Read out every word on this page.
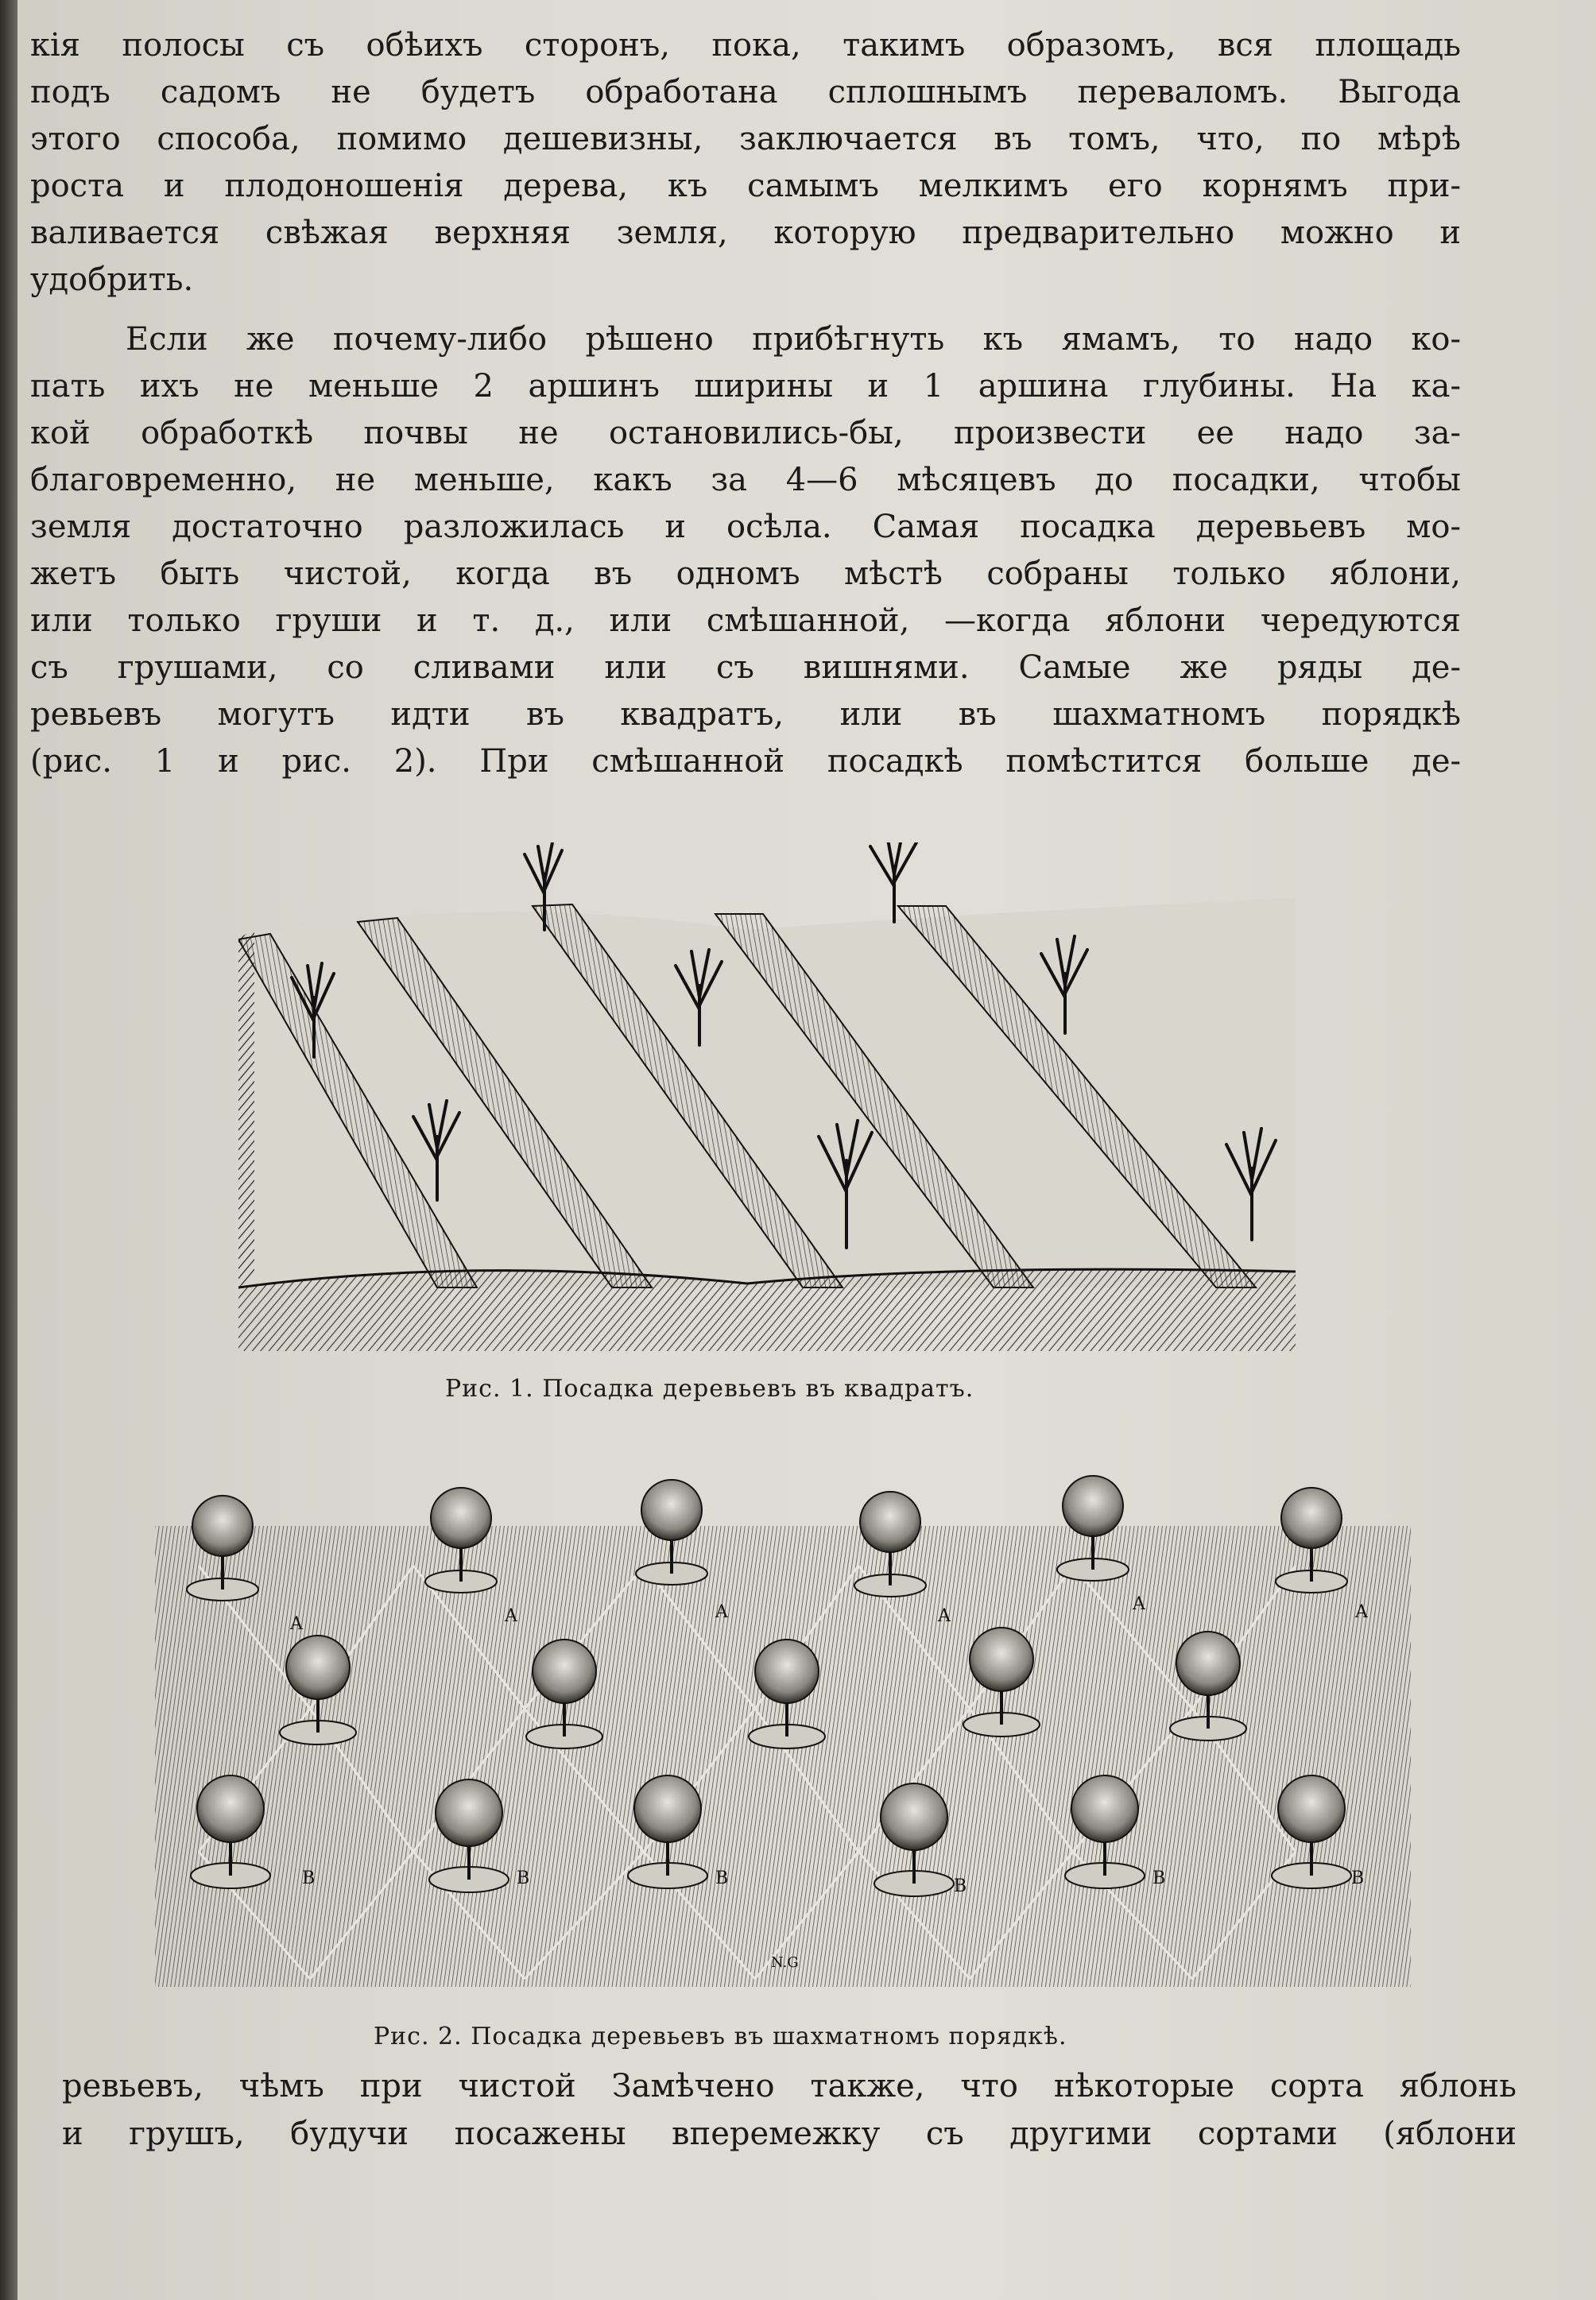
кія полосы съ обѣихъ сторонъ, пока, такимъ образомъ, вся площадь
подъ садомъ не будетъ обработана сплошнымъ переваломъ. Выгода
этого способа, помимо дешевизны, заключается въ томъ, что, по мѣрѣ
роста и плодоношенія дерева, къ самымъ мелкимъ его корнямъ при-
валивается свѣжая верхняя земля, которую предварительно можно и
удобрить.
Если же почему-либо рѣшено прибѣгнуть къ ямамъ, то надо ко-
пать ихъ не меньше 2 аршинъ ширины и 1 аршина глубины. На ка-
кой обработкѣ почвы не остановились-бы, произвести ее надо за-
благовременно, не меньше, какъ за 4—6 мѣсяцевъ до посадки, чтобы
земля достаточно разложилась и осѣла. Самая посадка деревьевъ мо-
жетъ быть чистой, когда въ одномъ мѣстѣ собраны только яблони,
или только груши и т. д., или смѣшанной, —когда яблони чередуются
съ грушами, со сливами или съ вишнями. Самые же ряды де-
ревьевъ могутъ идти въ квадратъ, или въ шахматномъ порядкѣ
(рис. 1 и рис. 2). При смѣшанной посадкѣ помѣстится больше де-
Рис. 1. Посадка деревьевъ въ квадратъ.
A	A	A	A
A	A
B	B	B	B	B	B
N.G
Рис. 2. Посадка деревьевъ въ шахматномъ порядкѣ.
ревьевъ, чѣмъ при чистой Замѣчено также, что нѣкоторые сорта яблонь
и грушъ, будучи посажены вперемежку съ другими сортами (яблони
